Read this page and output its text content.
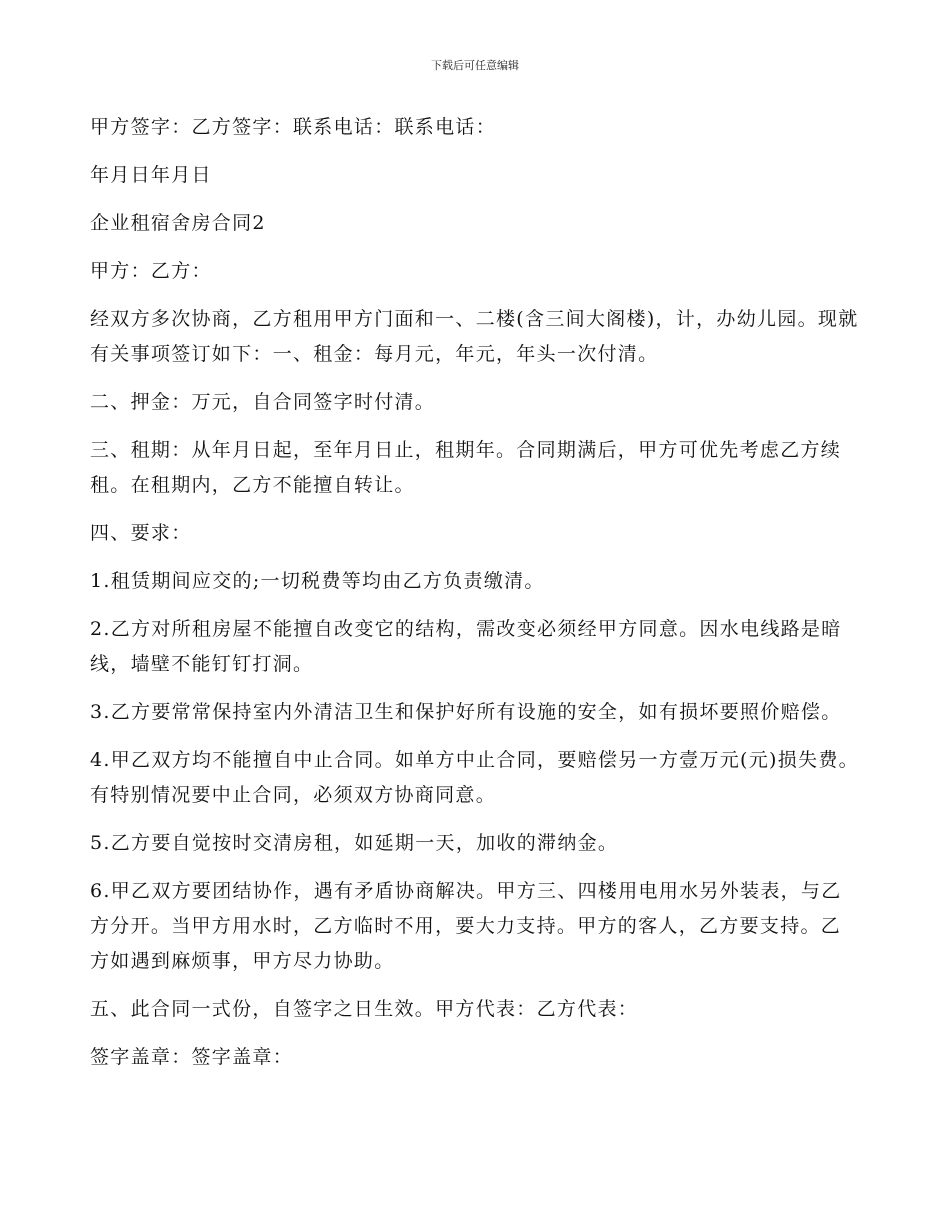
下载后可任意编辑

甲方签字：乙方签字：联系电话：联系电话：

年月日年月日

企业租宿舍房合同2

甲方：乙方：

经双方多次协商，乙方租用甲方门面和一、二楼(含三间大阁楼)，计，办幼儿园。现就有关事项签订如下：一、租金：每月元，年元，年头一次付清。

二、押金：万元，自合同签字时付清。

三、租期：从年月日起，至年月日止，租期年。合同期满后，甲方可优先考虑乙方续租。在租期内，乙方不能擅自转让。

四、要求：

1.租赁期间应交的;一切税费等均由乙方负责缴清。

2.乙方对所租房屋不能擅自改变它的结构，需改变必须经甲方同意。因水电线路是暗线，墙壁不能钉钉打洞。

3.乙方要常常保持室内外清洁卫生和保护好所有设施的安全，如有损坏要照价赔偿。

4.甲乙双方均不能擅自中止合同。如单方中止合同，要赔偿另一方壹万元(元)损失费。有特别情况要中止合同，必须双方协商同意。

5.乙方要自觉按时交清房租，如延期一天，加收的滞纳金。

6.甲乙双方要团结协作，遇有矛盾协商解决。甲方三、四楼用电用水另外装表，与乙方分开。当甲方用水时，乙方临时不用，要大力支持。甲方的客人，乙方要支持。乙方如遇到麻烦事，甲方尽力协助。

五、此合同一式份，自签字之日生效。甲方代表：乙方代表：

签字盖章：签字盖章：
